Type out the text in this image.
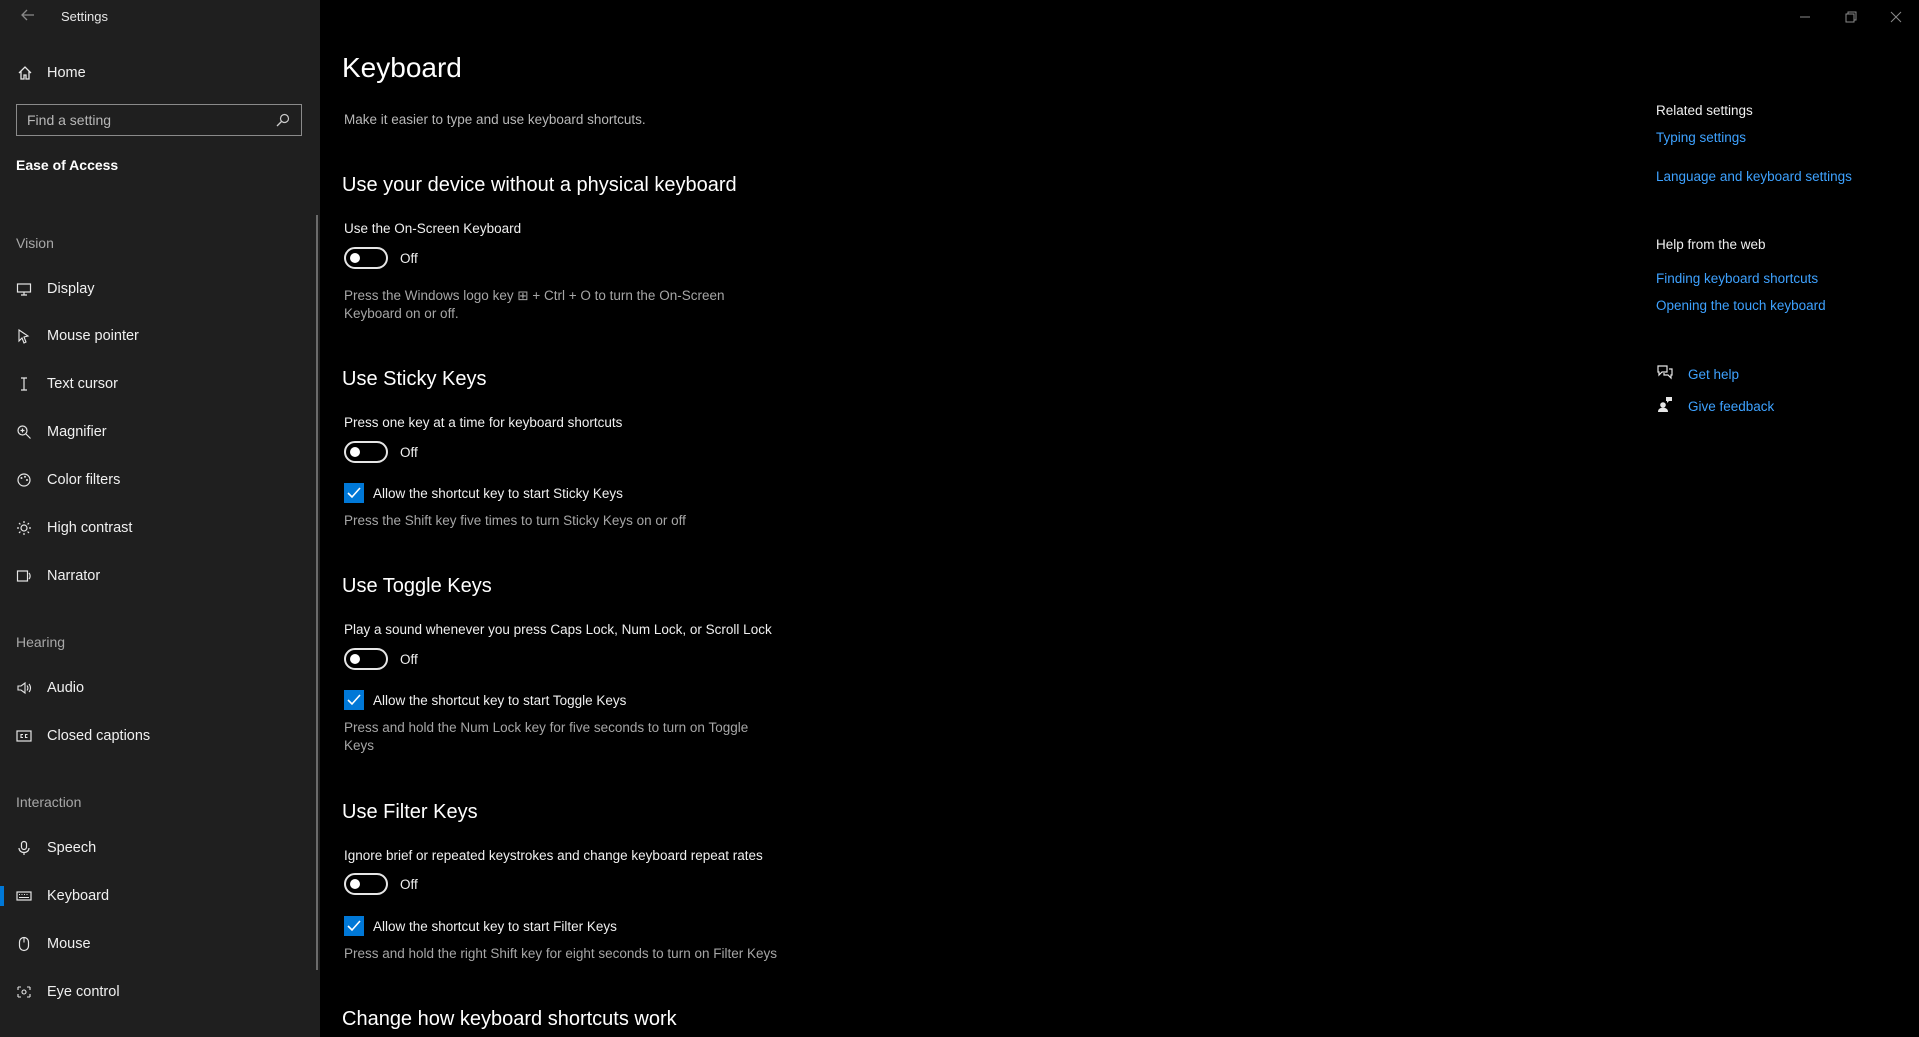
Settings
Home
Find a setting
Ease of Access
Vision
Display
Mouse pointer
Text cursor
Magnifier
Color filters
High contrast
Narrator
Hearing
Audio
Closed captions
Interaction
Speech
Keyboard
Mouse
Eye control
Keyboard
Make it easier to type and use keyboard shortcuts.
Use your device without a physical keyboard
Use the On-Screen Keyboard
Off
Press the Windows logo key ⊞ + Ctrl + O to turn the On-Screen
Keyboard on or off.
Use Sticky Keys
Press one key at a time for keyboard shortcuts
Off
Allow the shortcut key to start Sticky Keys
Press the Shift key five times to turn Sticky Keys on or off
Use Toggle Keys
Play a sound whenever you press Caps Lock, Num Lock, or Scroll Lock
Off
Allow the shortcut key to start Toggle Keys
Press and hold the Num Lock key for five seconds to turn on Toggle
Keys
Use Filter Keys
Ignore brief or repeated keystrokes and change keyboard repeat rates
Off
Allow the shortcut key to start Filter Keys
Press and hold the right Shift key for eight seconds to turn on Filter Keys
Change how keyboard shortcuts work
Related settings
Typing settings
Language and keyboard settings
Help from the web
Finding keyboard shortcuts
Opening the touch keyboard
Get help
Give feedback
